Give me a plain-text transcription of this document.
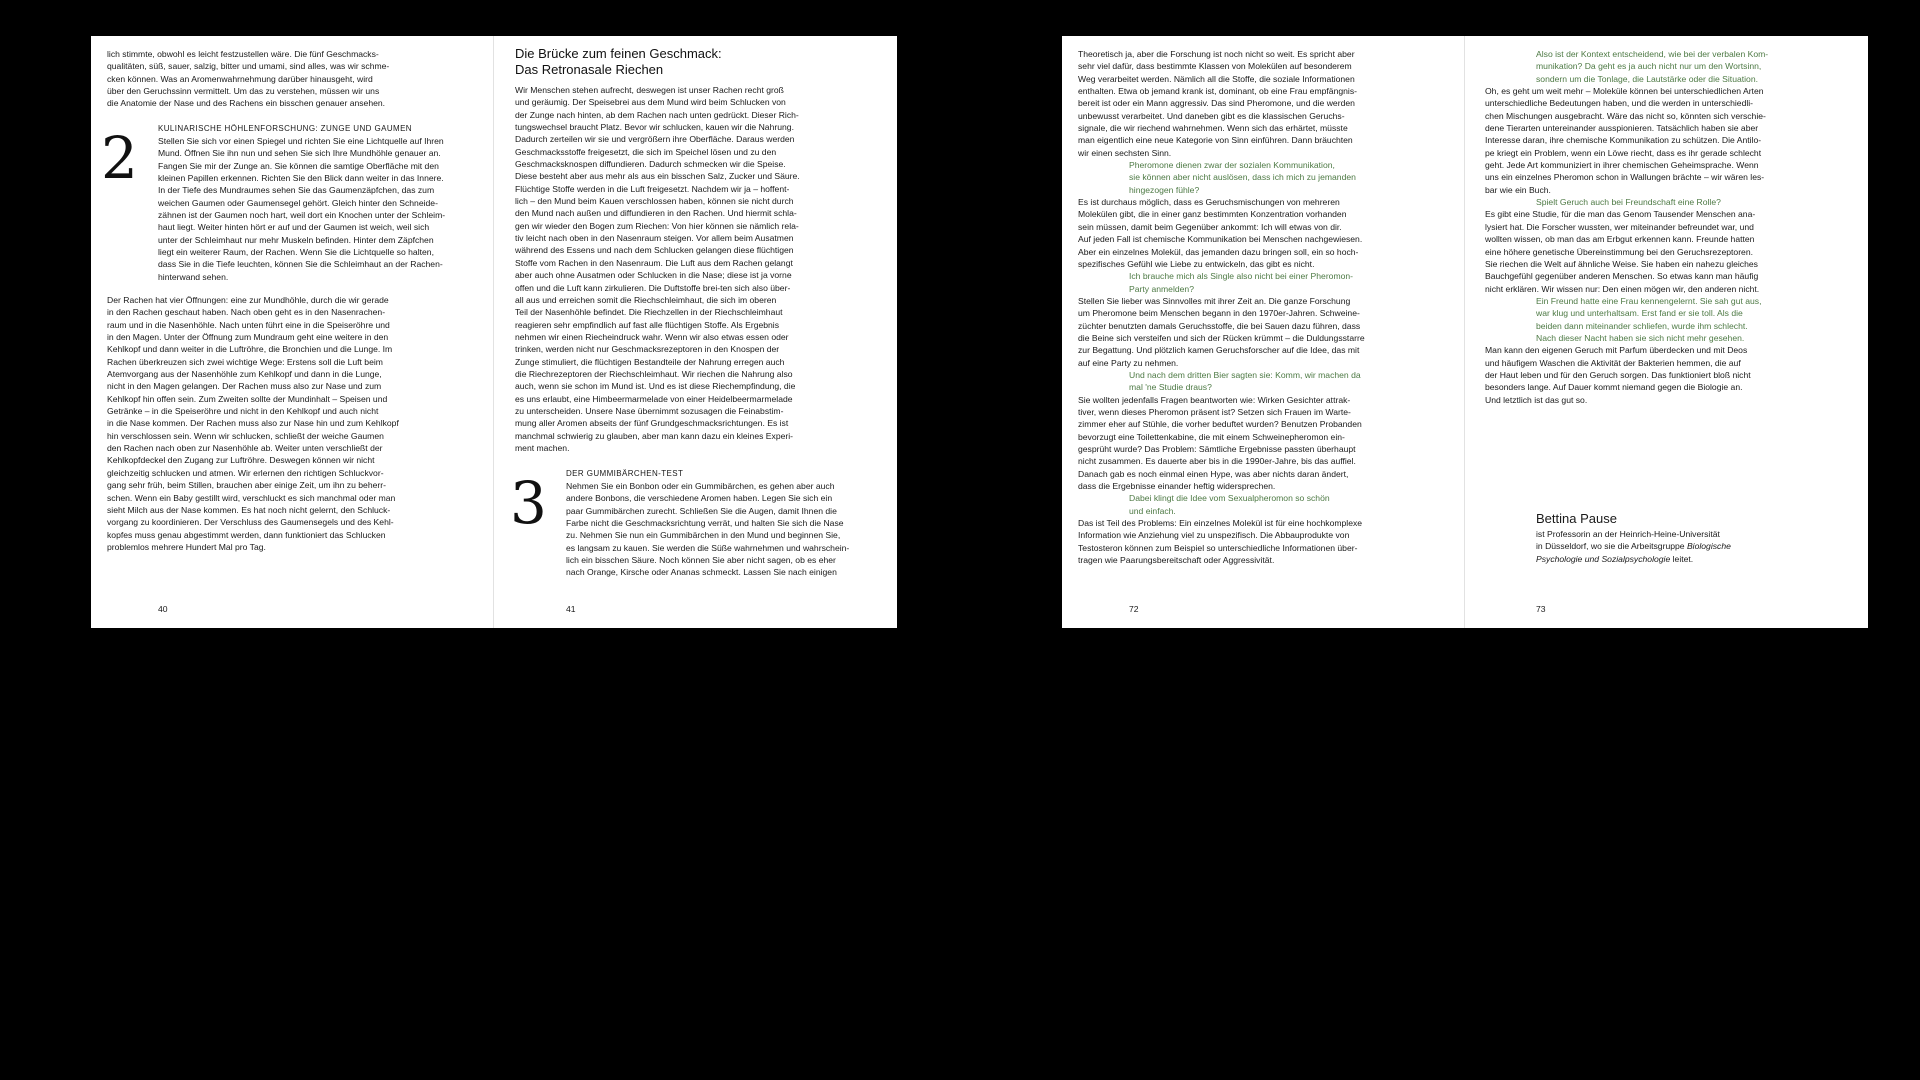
lich stimmte, obwohl es leicht festzustellen wäre. Die fünf Geschmacks-
qualitäten, süß, sauer, salzig, bitter und umami, sind alles, was wir schme-
cken können. Was an Aromenwahrnehmung darüber hinausgeht, wird
über den Geruchssinn vermittelt. Um das zu verstehen, müssen wir uns
die Anatomie der Nase und des Rachens ein bisschen genauer ansehen.
2	KULINARISCHE HÖHLENFORSCHUNG: ZUNGE UND GAUMEN
Stellen Sie sich vor einen Spiegel und richten Sie eine Lichtquelle auf Ihren
Mund. Öffnen Sie ihn nun und sehen Sie sich Ihre Mundhöhle genauer an.
Fangen Sie mir der Zunge an. Sie können die samtige Oberfläche mit den
kleinen Papillen erkennen. Richten Sie den Blick dann weiter in das Innere.
In der Tiefe des Mundraumes sehen Sie das Gaumenzäpfchen, das zum
weichen Gaumen oder Gaumensegel gehört. Gleich hinter den Schneide-
zähnen ist der Gaumen noch hart, weil dort ein Knochen unter der Schleim-
haut liegt. Weiter hinten hört er auf und der Gaumen ist weich, weil sich
unter der Schleimhaut nur mehr Muskeln befinden. Hinter dem Zäpfchen
liegt ein weiterer Raum, der Rachen. Wenn Sie die Lichtquelle so halten,
dass Sie in die Tiefe leuchten, können Sie die Schleimhaut an der Rachen-
hinterwand sehen.
Der Rachen hat vier Öffnungen: eine zur Mundhöhle, durch die wir gerade
in den Rachen geschaut haben. Nach oben geht es in den Nasenrachen-
raum und in die Nasenhöhle. Nach unten führt eine in die Speiseröhre und
in den Magen. Unter der Öffnung zum Mundraum geht eine weitere in den
Kehlkopf und dann weiter in die Luftröhre, die Bronchien und die Lunge. Im
Rachen überkreuzen sich zwei wichtige Wege: Erstens soll die Luft beim
Atemvorgang aus der Nasenhöhle zum Kehlkopf und dann in die Lunge,
nicht in den Magen gelangen. Der Rachen muss also zur Nase und zum
Kehlkopf hin offen sein. Zum Zweiten sollte der Mundinhalt – Speisen und
Getränke – in die Speiseröhre und nicht in den Kehlkopf und auch nicht
in die Nase kommen. Der Rachen muss also zur Nase hin und zum Kehlkopf
hin verschlossen sein. Wenn wir schlucken, schließt der weiche Gaumen
den Rachen nach oben zur Nasenhöhle ab. Weiter unten verschließt der
Kehlkopfdeckel den Zugang zur Luftröhre. Deswegen können wir nicht
gleichzeitig schlucken und atmen. Wir erlernen den richtigen Schluckvor-
gang sehr früh, beim Stillen, brauchen aber einige Zeit, um ihn zu beherr-
schen. Wenn ein Baby gestillt wird, verschluckt es sich manchmal oder man
sieht Milch aus der Nase kommen. Es hat noch nicht gelernt, den Schluck-
vorgang zu koordinieren. Der Verschluss des Gaumensegels und des Kehl-
kopfes muss genau abgestimmt werden, dann funktioniert das Schlucken
problemlos mehrere Hundert Mal pro Tag.
40
Die Brücke zum feinen Geschmack:
Das Retronasale Riechen
Wir Menschen stehen aufrecht, deswegen ist unser Rachen recht groß
und geräumig. Der Speisebrei aus dem Mund wird beim Schlucken von
der Zunge nach hinten, ab dem Rachen nach unten gedrückt. Dieser Rich-
tungswechsel braucht Platz. Bevor wir schlucken, kauen wir die Nahrung.
Dadurch zerteilen wir sie und vergrößern ihre Oberfläche. Daraus werden
Geschmacksstoffe freigesetzt, die sich im Speichel lösen und zu den
Geschmacksknospen diffundieren. Dadurch schmecken wir die Speise.
Diese besteht aber aus mehr als aus ein bisschen Salz, Zucker und Säure.
Flüchtige Stoffe werden in die Luft freigesetzt. Nachdem wir ja – hoffent-
lich – den Mund beim Kauen verschlossen haben, können sie nicht durch
den Mund nach außen und diffundieren in den Rachen. Und hiermit schla-
gen wir wieder den Bogen zum Riechen: Von hier können sie nämlich rela-
tiv leicht nach oben in den Nasenraum steigen. Vor allem beim Ausatmen
während des Essens und nach dem Schlucken gelangen diese flüchtigen
Stoffe vom Rachen in den Nasenraum. Die Luft aus dem Rachen gelangt
aber auch ohne Ausatmen oder Schlucken in die Nase; diese ist ja vorne
offen und die Luft kann zirkulieren. Die Duftstoffe brei-ten sich also über-
all aus und erreichen somit die Riechschleimhaut, die sich im oberen
Teil der Nasenhöhle befindet. Die Riechzellen in der Riechschleimhaut
reagieren sehr empfindlich auf fast alle flüchtigen Stoffe. Als Ergebnis
nehmen wir einen Riecheindruck wahr. Wenn wir also etwas essen oder
trinken, werden nicht nur Geschmacksrezeptoren in den Knospen der
Zunge stimuliert, die flüchtigen Bestandteile der Nahrung erregen auch
die Riechrezeptoren der Riechschleimhaut. Wir riechen die Nahrung also
auch, wenn sie schon im Mund ist. Und es ist diese Riechempfindung, die
es uns erlaubt, eine Himbeermarmelade von einer Heidelbeermarmelade
zu unterscheiden. Unsere Nase übernimmt sozusagen die Feinabstim-
mung aller Aromen abseits der fünf Grundgeschmacksrichtungen. Es ist
manchmal schwierig zu glauben, aber man kann dazu ein kleines Experi-
ment machen.
3 DER GUMMIBÄRCHEN-TEST
Nehmen Sie ein Bonbon oder ein Gummibärchen, es gehen aber auch
andere Bonbons, die verschiedene Aromen haben. Legen Sie sich ein
paar Gummibärchen zurecht. Schließen Sie die Augen, damit Ihnen die
Farbe nicht die Geschmacksrichtung verrät, und halten Sie sich die Nase
zu. Nehmen Sie nun ein Gummibärchen in den Mund und beginnen Sie,
es langsam zu kauen. Sie werden die Süße wahrnehmen und wahrschein-
lich ein bisschen Säure. Noch können Sie aber nicht sagen, ob es eher
nach Orange, Kirsche oder Ananas schmeckt. Lassen Sie nach einigen
41
Theoretisch ja, aber die Forschung ist noch nicht so weit. Es spricht aber
sehr viel dafür, dass bestimmte Klassen von Molekülen auf besonderem
Weg verarbeitet werden. Nämlich all die Stoffe, die soziale Informationen
enthalten. Etwa ob jemand krank ist, dominant, ob eine Frau empfängnis-
bereit ist oder ein Mann aggressiv. Das sind Pheromone, und die werden
unbewusst verarbeitet. Und daneben gibt es die klassischen Geruchs-
signale, die wir riechend wahrnehmen. Wenn sich das erhärtet, müsste
man eigentlich eine neue Kategorie von Sinn einführen. Dann bräuchten
wir einen sechsten Sinn.
Pheromone dienen zwar der sozialen Kommunikation,
sie können aber nicht auslösen, dass ich mich zu jemanden
hingezogen fühle?
Es ist durchaus möglich, dass es Geruchsmischungen von mehreren
Molekülen gibt, die in einer ganz bestimmten Konzentration vorhanden
sein müssen, damit beim Gegenüber ankommt: Ich will etwas von dir.
Auf jeden Fall ist chemische Kommunikation bei Menschen nachgewiesen.
Aber ein einzelnes Molekül, das jemanden dazu bringen soll, ein so hoch-
spezifisches Gefühl wie Liebe zu entwickeln, das gibt es nicht.
Ich brauche mich als Single also nicht bei einer Pheromon-
Party anmelden?
Stellen Sie lieber was Sinnvolles mit ihrer Zeit an. Die ganze Forschung
um Pheromone beim Menschen begann in den 1970er-Jahren. Schweine-
züchter benutzten damals Geruchsstoffe, die bei Sauen dazu führen, dass
die Beine sich versteifen und sich der Rücken krümmt – die Duldungsstarre
zur Begattung. Und plötzlich kamen Geruchsforscher auf die Idee, das mit
auf eine Party zu nehmen.
Und nach dem dritten Bier sagten sie: Komm, wir machen da
mal 'ne Studie draus?
Sie wollten jedenfalls Fragen beantworten wie: Wirken Gesichter attrak-
tiver, wenn dieses Pheromon präsent ist? Setzen sich Frauen im Warte-
zimmer eher auf Stühle, die vorher beduftet wurden? Benutzen Probanden
bevorzugt eine Toilettenkabine, die mit einem Schweinepheromon ein-
gesprüht wurde? Das Problem: Sämtliche Ergebnisse passten überhaupt
nicht zusammen. Es dauerte aber bis in die 1990er-Jahre, bis das auffiel.
Danach gab es noch einmal einen Hype, was aber nichts daran ändert,
dass die Ergebnisse einander heftig widersprechen.
Dabei klingt die Idee vom Sexualpheromon so schön
und einfach.
Das ist Teil des Problems: Ein einzelnes Molekül ist für eine hochkomplexe
Information wie Anziehung viel zu unspezifisch. Die Abbauprodukte von
Testosteron können zum Beispiel so unterschiedliche Informationen über-
tragen wie Paarungsbereitschaft oder Aggressivität.
72
Also ist der Kontext entscheidend, wie bei der verbalen Kom-
munikation? Da geht es ja auch nicht nur um den Wortsinn,
sondern um die Tonlage, die Lautstärke oder die Situation.
Oh, es geht um weit mehr – Moleküle können bei unterschiedlichen Arten
unterschiedliche Bedeutungen haben, und die werden in unterschiedli-
chen Mischungen ausgebracht. Wäre das nicht so, könnten sich verschie-
dene Tierarten untereinander ausspionieren. Tatsächlich haben sie aber
Interesse daran, ihre chemische Kommunikation zu schützen. Die Antilo-
pe kriegt ein Problem, wenn ein Löwe riecht, dass es ihr gerade schlecht
geht. Jede Art kommuniziert in ihrer chemischen Geheimsprache. Wenn
uns ein einzelnes Pheromon schon in Wallungen brächte – wir wären les-
bar wie ein Buch.
Spielt Geruch auch bei Freundschaft eine Rolle?
Es gibt eine Studie, für die man das Genom Tausender Menschen ana-
lysiert hat. Die Forscher wussten, wer miteinander befreundet war, und
wollten wissen, ob man das am Erbgut erkennen kann. Freunde hatten
eine höhere genetische Übereinstimmung bei den Geruchsrezeptoren.
Sie riechen die Welt auf ähnliche Weise. Sie haben ein nahezu gleiches
Bauchgefühl gegenüber anderen Menschen. So etwas kann man häufig
nicht erklären. Wir wissen nur: Den einen mögen wir, den anderen nicht.
Ein Freund hatte eine Frau kennengelernt. Sie sah gut aus,
war klug und unterhaltsam. Erst fand er sie toll. Als die
beiden dann miteinander schliefen, wurde ihm schlecht.
Nach dieser Nacht haben sie sich nicht mehr gesehen.
Man kann den eigenen Geruch mit Parfum überdecken und mit Deos
und häufigem Waschen die Aktivität der Bakterien hemmen, die auf
der Haut leben und für den Geruch sorgen. Das funktioniert bloß nicht
besonders lange. Auf Dauer kommt niemand gegen die Biologie an.
Und letztlich ist das gut so.
Bettina Pause
ist Professorin an der Heinrich-Heine-Universität
in Düsseldorf, wo sie die Arbeitsgruppe Biologische
Psychologie und Sozialpsychologie leitet.
73
